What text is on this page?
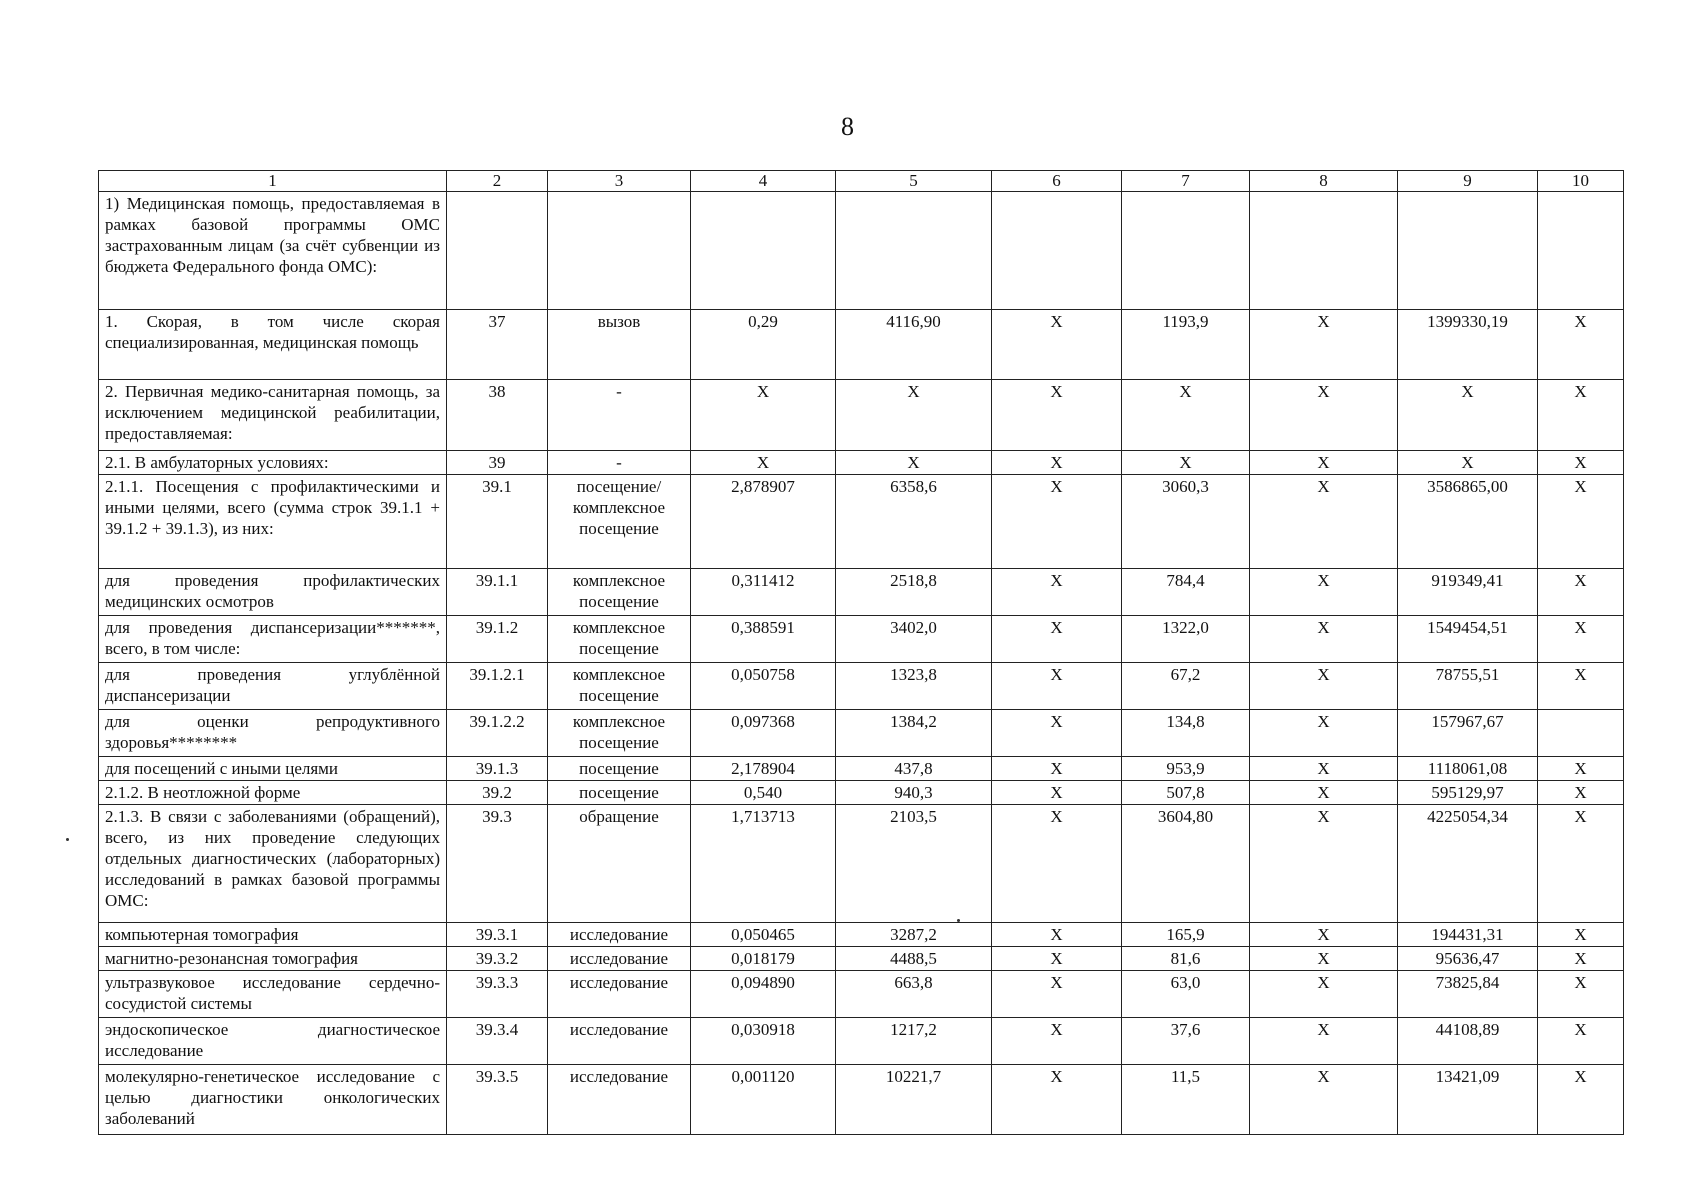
8
1	2	3	4	5	6	7	8	9	10
1) Медицинская помощь, предоставляемая в рамках базовой программы ОМС застрахованным лицам (за счёт субвенции из бюджета Федерального фонда ОМС):									
1. Скорая, в том числе скорая специализированная, медицинская помощь	37	вызов	0,29	4116,90	Х	1193,9	Х	1399330,19	Х
2. Первичная медико-санитарная помощь, за исключением медицинской реабилитации, предоставляемая:	38	-	Х	Х	Х	Х	Х	Х	Х
2.1. В амбулаторных условиях:	39	-	Х	Х	Х	Х	Х	Х	Х
2.1.1. Посещения с профилактическими и иными целями, всего (сумма строк 39.1.1 + 39.1.2 + 39.1.3), из них:	39.1	посещение/ комплексное посещение	2,878907	6358,6	Х	3060,3	Х	3586865,00	Х
для проведения профилактических медицинских осмотров	39.1.1	комплексное посещение	0,311412	2518,8	Х	784,4	Х	919349,41	Х
для проведения диспансеризации*******, всего, в том числе:	39.1.2	комплексное посещение	0,388591	3402,0	Х	1322,0	Х	1549454,51	Х
для проведения углублённой диспансеризации	39.1.2.1	комплексное посещение	0,050758	1323,8	Х	67,2	Х	78755,51	Х
для оценки репродуктивного здоровья********	39.1.2.2	комплексное посещение	0,097368	1384,2	Х	134,8	Х	157967,67	
для посещений с иными целями	39.1.3	посещение	2,178904	437,8	Х	953,9	Х	1118061,08	Х
2.1.2. В неотложной форме	39.2	посещение	0,540	940,3	Х	507,8	Х	595129,97	Х
2.1.3. В связи с заболеваниями (обращений), всего, из них проведение следующих отдельных диагностических (лабораторных) исследований в рамках базовой программы ОМС:	39.3	обращение	1,713713	2103,5	Х	3604,80	Х	4225054,34	Х
компьютерная томография	39.3.1	исследование	0,050465	3287,2	Х	165,9	Х	194431,31	Х
магнитно-резонансная томография	39.3.2	исследование	0,018179	4488,5	Х	81,6	Х	95636,47	Х
ультразвуковое исследование сердечно-сосудистой системы	39.3.3	исследование	0,094890	663,8	Х	63,0	Х	73825,84	Х
эндоскопическое диагностическое исследование	39.3.4	исследование	0,030918	1217,2	Х	37,6	Х	44108,89	Х
молекулярно-генетическое исследование с целью диагностики онкологических заболеваний	39.3.5	исследование	0,001120	10221,7	Х	11,5	Х	13421,09	Х
